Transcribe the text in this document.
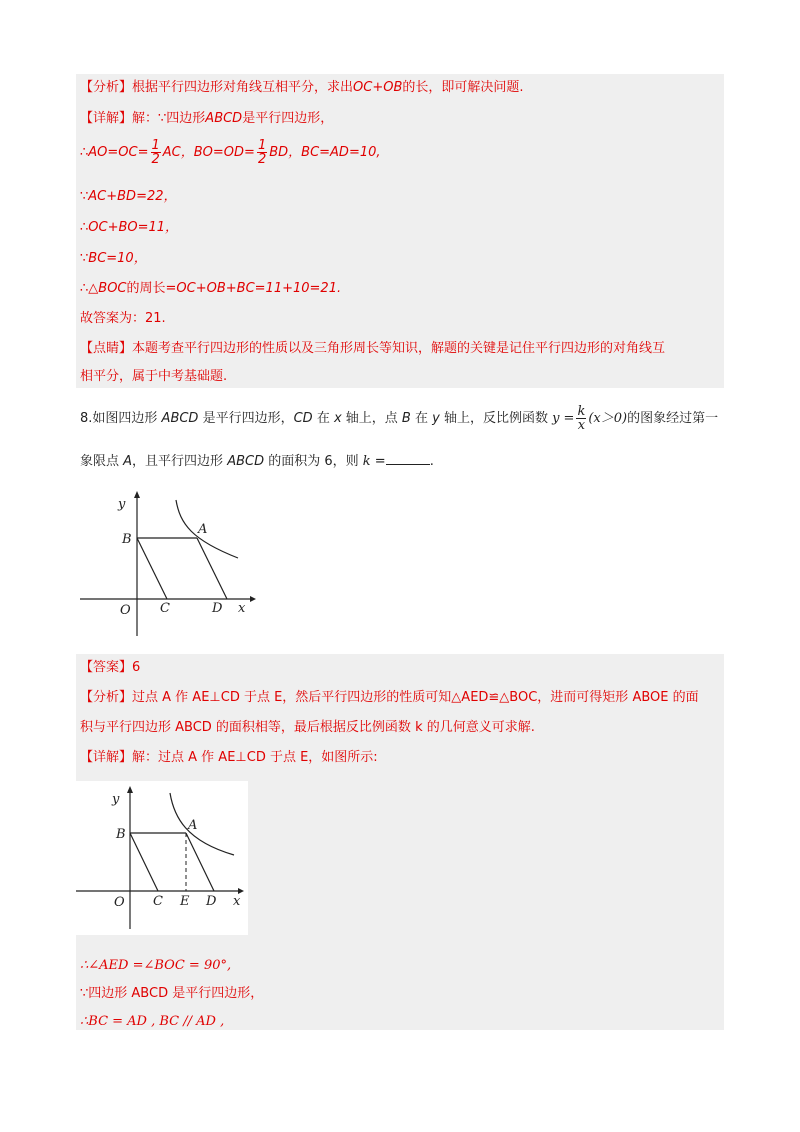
【分析】根据平行四边形对角线互相平分，求出OC+OB的长，即可解决问题.
【详解】解：∵四边形ABCD是平行四边形，
∴AO=OC= $\frac{1}{2}$ AC，$BO=OD= \frac{1}{2}$ BD，BC=AD=10,
∵AC+BD=22，
∴OC+BO=11，
∵BC=10，
∴△BOC的周长=OC+OB+BC=11+10=21.
故答案为：21.
【点睛】本题考查平行四边形的性质以及三角形周长等知识，解题的关键是记住平行四边形的对角线互
相平分，属于中考基础题.
8.如图四边形 ABCD 是平行四边形，CD 在 x 轴上，点 B 在 y 轴上，反比例函数 $y = \frac{k}{x} (x>0)$的图象经过第一
象限点 A，且平行四边形 ABCD 的面积为 6，则 k =	.
y
B
A
O C	D x
【答案】6
【分析】过点 A 作 AE⊥CD 于点 E，然后平行四边形的性质可知△AED≌△BOC，进而可得矩形 ABOE 的面
积与平行四边形 ABCD 的面积相等，最后根据反比例函数 k 的几何意义可求解.
【详解】解：过点 A 作 AE⊥CD 于点 E，如图所示:
y
B
A
O C E D x
∴∠AED =∠BOC = 90°,
∵四边形 ABCD 是平行四边形，
∴BC = AD , BC // AD ,
